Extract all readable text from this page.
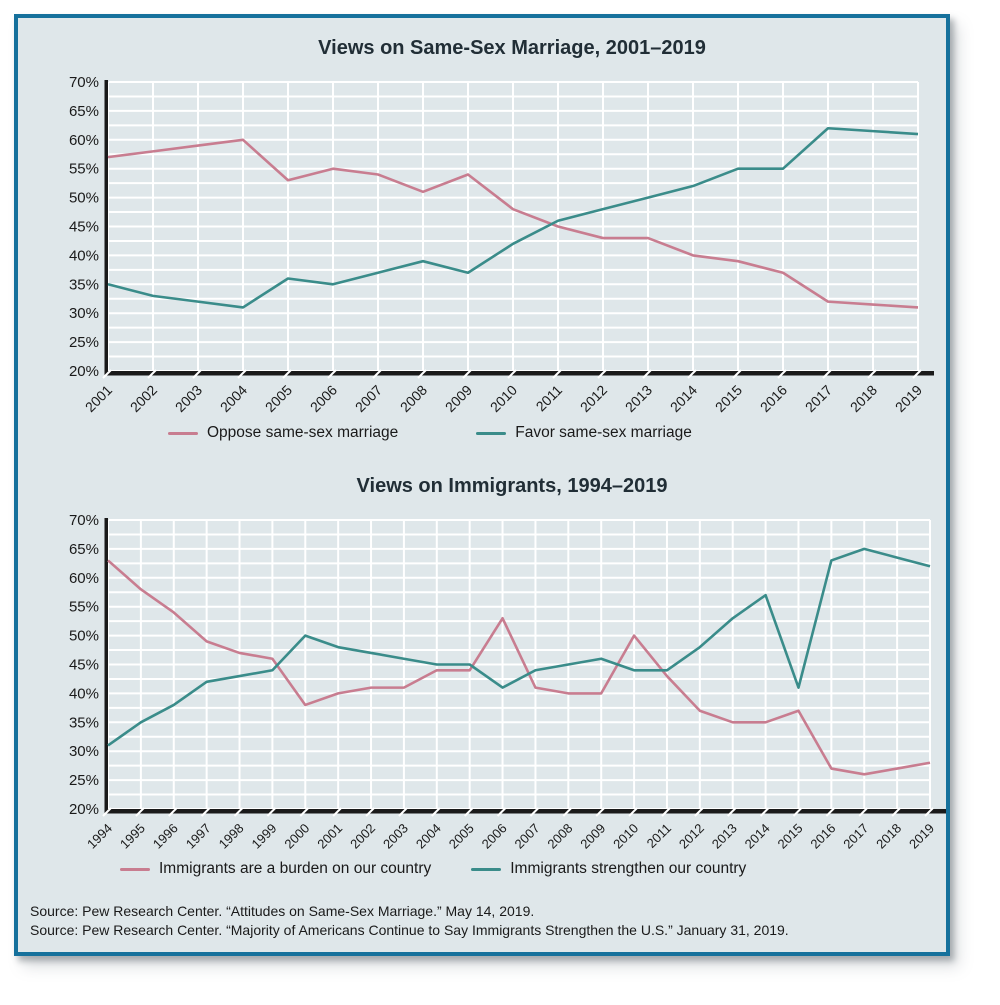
Views on Same-Sex Marriage, 2001–2019
70%
65%
60%
55%
50%
45%
40%
35%
30%
25%
20%
2001 2002 2003 2004 2005 2006 2007 2008 2009 2010 2011 2012 2013 2014 2015 2016 2017 2018 2019
Oppose same-sex marriage	Favor same-sex marriage
Views on Immigrants, 1994–2019
70%
65%
60%
55%
50%
45%
40%
35%
30%
25%
20%
1994 1995 1996 1997 1998 1999 2000 2001 2002 2003 2004 2005 2006 2007 2008 2009 2010 2011 2012 2013 2014 2015 2016 2017 2018 2019
Immigrants are a burden on our country	Immigrants strengthen our country
Source: Pew Research Center. “Attitudes on Same-Sex Marriage.” May 14, 2019.
Source: Pew Research Center. “Majority of Americans Continue to Say Immigrants Strengthen the U.S.” January 31, 2019.
